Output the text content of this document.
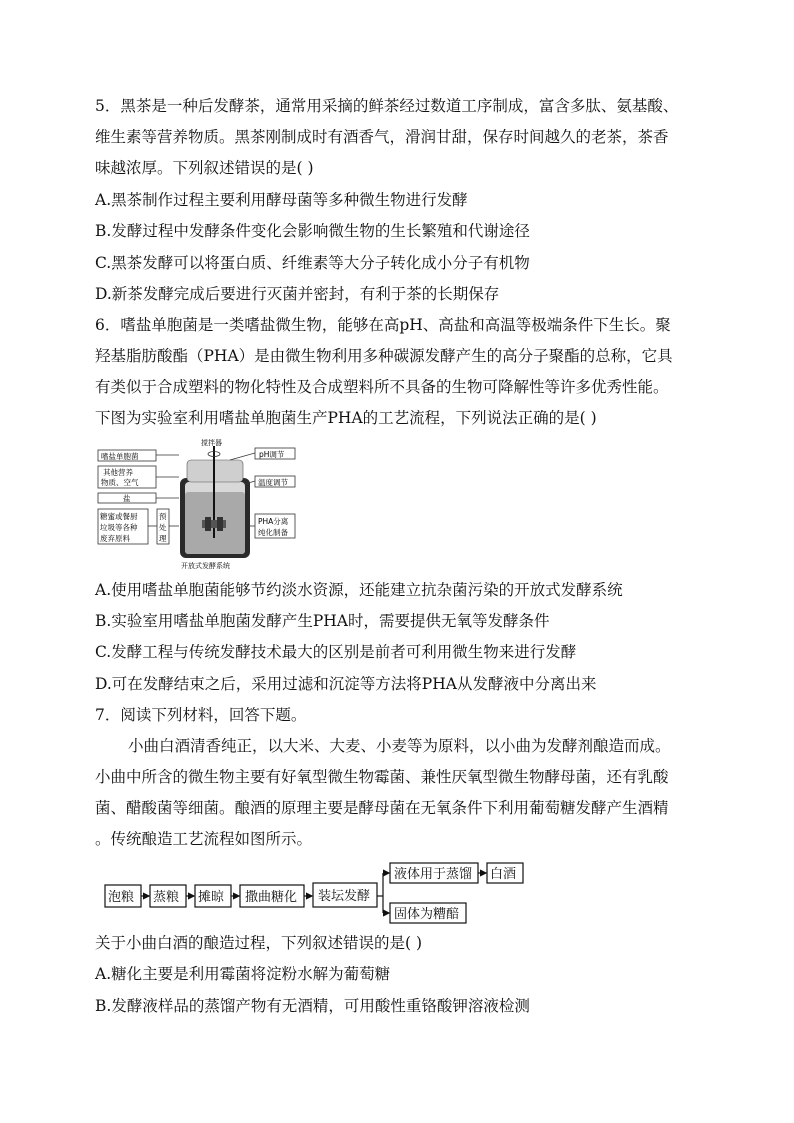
5．黑茶是一种后发酵茶，通常用采摘的鲜茶经过数道工序制成，富含多肽、氨基酸、
维生素等营养物质。黑茶刚制成时有酒香气，滑润甘甜，保存时间越久的老茶，茶香
味越浓厚。下列叙述错误的是( )
A.黑茶制作过程主要利用酵母菌等多种微生物进行发酵
B.发酵过程中发酵条件变化会影响微生物的生长繁殖和代谢途径
C.黑茶发酵可以将蛋白质、纤维素等大分子转化成小分子有机物
D.新茶发酵完成后要进行灭菌并密封，有利于茶的长期保存
6．嗜盐单胞菌是一类嗜盐微生物，能够在高pH、高盐和高温等极端条件下生长。聚
羟基脂肪酸酯（PHA）是由微生物利用多种碳源发酵产生的高分子聚酯的总称，它具
有类似于合成塑料的物化特性及合成塑料所不具备的生物可降解性等许多优秀性能。
下图为实验室利用嗜盐单胞菌生产PHA的工艺流程，下列说法正确的是( )
嗜盐单胞菌
其他营养
物质、空气
盐
糖蜜或餐厨
垃圾等各种
废弃原料
预
处
理
搅拌器
pH调节
温度调节
PHA分离
纯化制备
开放式发酵系统
A.使用嗜盐单胞菌能够节约淡水资源，还能建立抗杂菌污染的开放式发酵系统
B.实验室用嗜盐单胞菌发酵产生PHA时，需要提供无氧等发酵条件
C.发酵工程与传统发酵技术最大的区别是前者可利用微生物来进行发酵
D.可在发酵结束之后，采用过滤和沉淀等方法将PHA从发酵液中分离出来
7．阅读下列材料，回答下题。
小曲白酒清香纯正，以大米、大麦、小麦等为原料，以小曲为发酵剂酿造而成。
小曲中所含的微生物主要有好氧型微生物霉菌、兼性厌氧型微生物酵母菌，还有乳酸
菌、醋酸菌等细菌。酿酒的原理主要是酵母菌在无氧条件下利用葡萄糖发酵产生酒精
。传统酿造工艺流程如图所示。
泡粮 蒸粮 摊晾 撒曲糖化 装坛发酵
液体用于蒸馏 白酒
固体为糟醅
关于小曲白酒的酿造过程，下列叙述错误的是( )
A.糖化主要是利用霉菌将淀粉水解为葡萄糖
B.发酵液样品的蒸馏产物有无酒精，可用酸性重铬酸钾溶液检测
